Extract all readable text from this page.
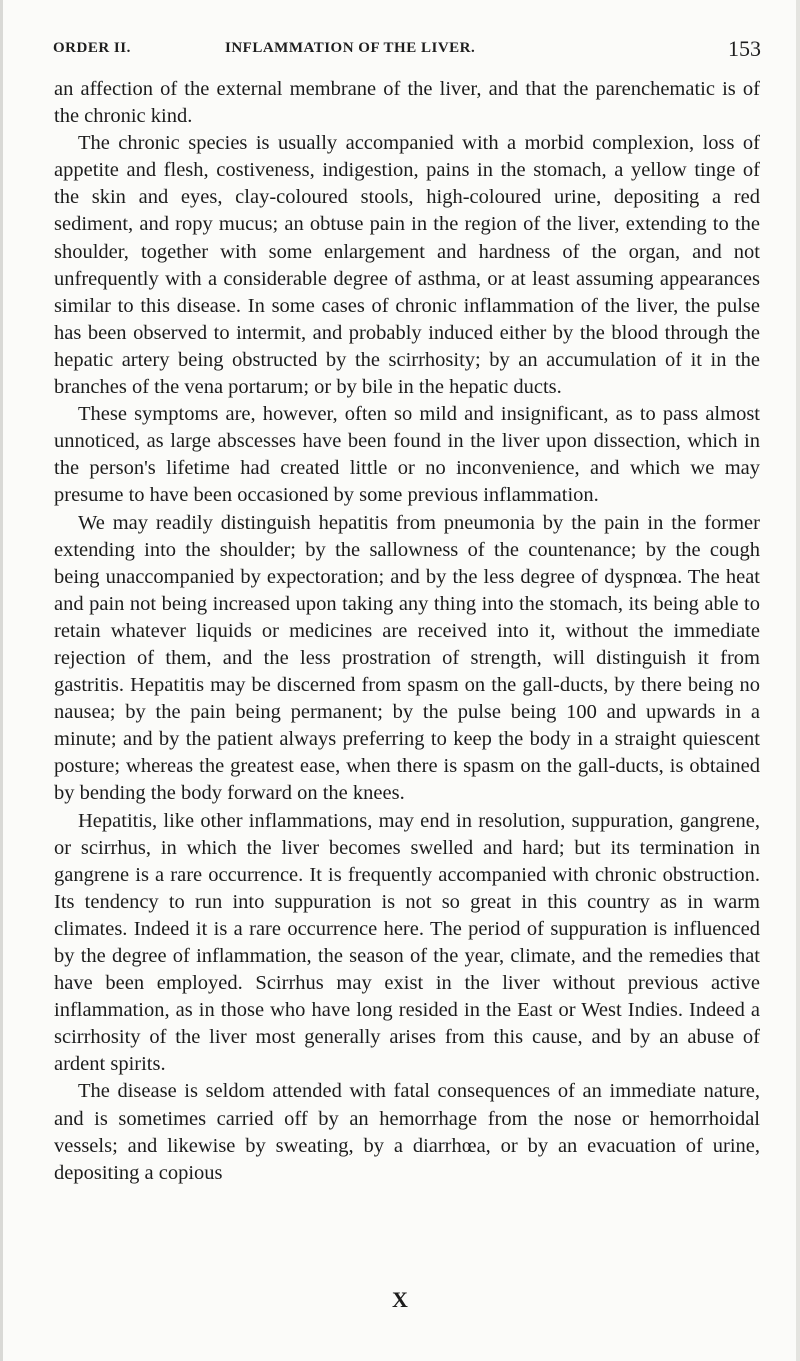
ORDER II.	INFLAMMATION OF THE LIVER.	153

an affection of the external membrane of the liver, and that the parenchematic is of the chronic kind.

The chronic species is usually accompanied with a morbid complexion, loss of appetite and flesh, costiveness, indigestion, pains in the stomach, a yellow tinge of the skin and eyes, clay-coloured stools, high-coloured urine, depositing a red sediment, and ropy mucus; an obtuse pain in the region of the liver, extending to the shoulder, together with some enlargement and hardness of the organ, and not unfrequently with a considerable degree of asthma, or at least assuming appearances similar to this disease. In some cases of chronic inflammation of the liver, the pulse has been observed to intermit, and probably induced either by the blood through the hepatic artery being obstructed by the scirrhosity; by an accumulation of it in the branches of the vena portarum; or by bile in the hepatic ducts.

These symptoms are, however, often so mild and insignificant, as to pass almost unnoticed, as large abscesses have been found in the liver upon dissection, which in the person's lifetime had created little or no inconvenience, and which we may presume to have been occasioned by some previous inflammation.

We may readily distinguish hepatitis from pneumonia by the pain in the former extending into the shoulder; by the sallowness of the countenance; by the cough being unaccompanied by expectoration; and by the less degree of dyspnœa. The heat and pain not being increased upon taking any thing into the stomach, its being able to retain whatever liquids or medicines are received into it, without the immediate rejection of them, and the less prostration of strength, will distinguish it from gastritis. Hepatitis may be discerned from spasm on the gall-ducts, by there being no nausea; by the pain being permanent; by the pulse being 100 and upwards in a minute; and by the patient always preferring to keep the body in a straight quiescent posture; whereas the greatest ease, when there is spasm on the gall-ducts, is obtained by bending the body forward on the knees.

Hepatitis, like other inflammations, may end in resolution, suppuration, gangrene, or scirrhus, in which the liver becomes swelled and hard; but its termination in gangrene is a rare occurrence. It is frequently accompanied with chronic obstruction. Its tendency to run into suppuration is not so great in this country as in warm climates. Indeed it is a rare occurrence here. The period of suppuration is influenced by the degree of inflammation, the season of the year, climate, and the remedies that have been employed. Scirrhus may exist in the liver without previous active inflammation, as in those who have long resided in the East or West Indies. Indeed a scirrhosity of the liver most generally arises from this cause, and by an abuse of ardent spirits.

The disease is seldom attended with fatal consequences of an immediate nature, and is sometimes carried off by an hemorrhage from the nose or hemorrhoidal vessels; and likewise by sweating, by a diarrhœa, or by an evacuation of urine, depositing a copious

X
